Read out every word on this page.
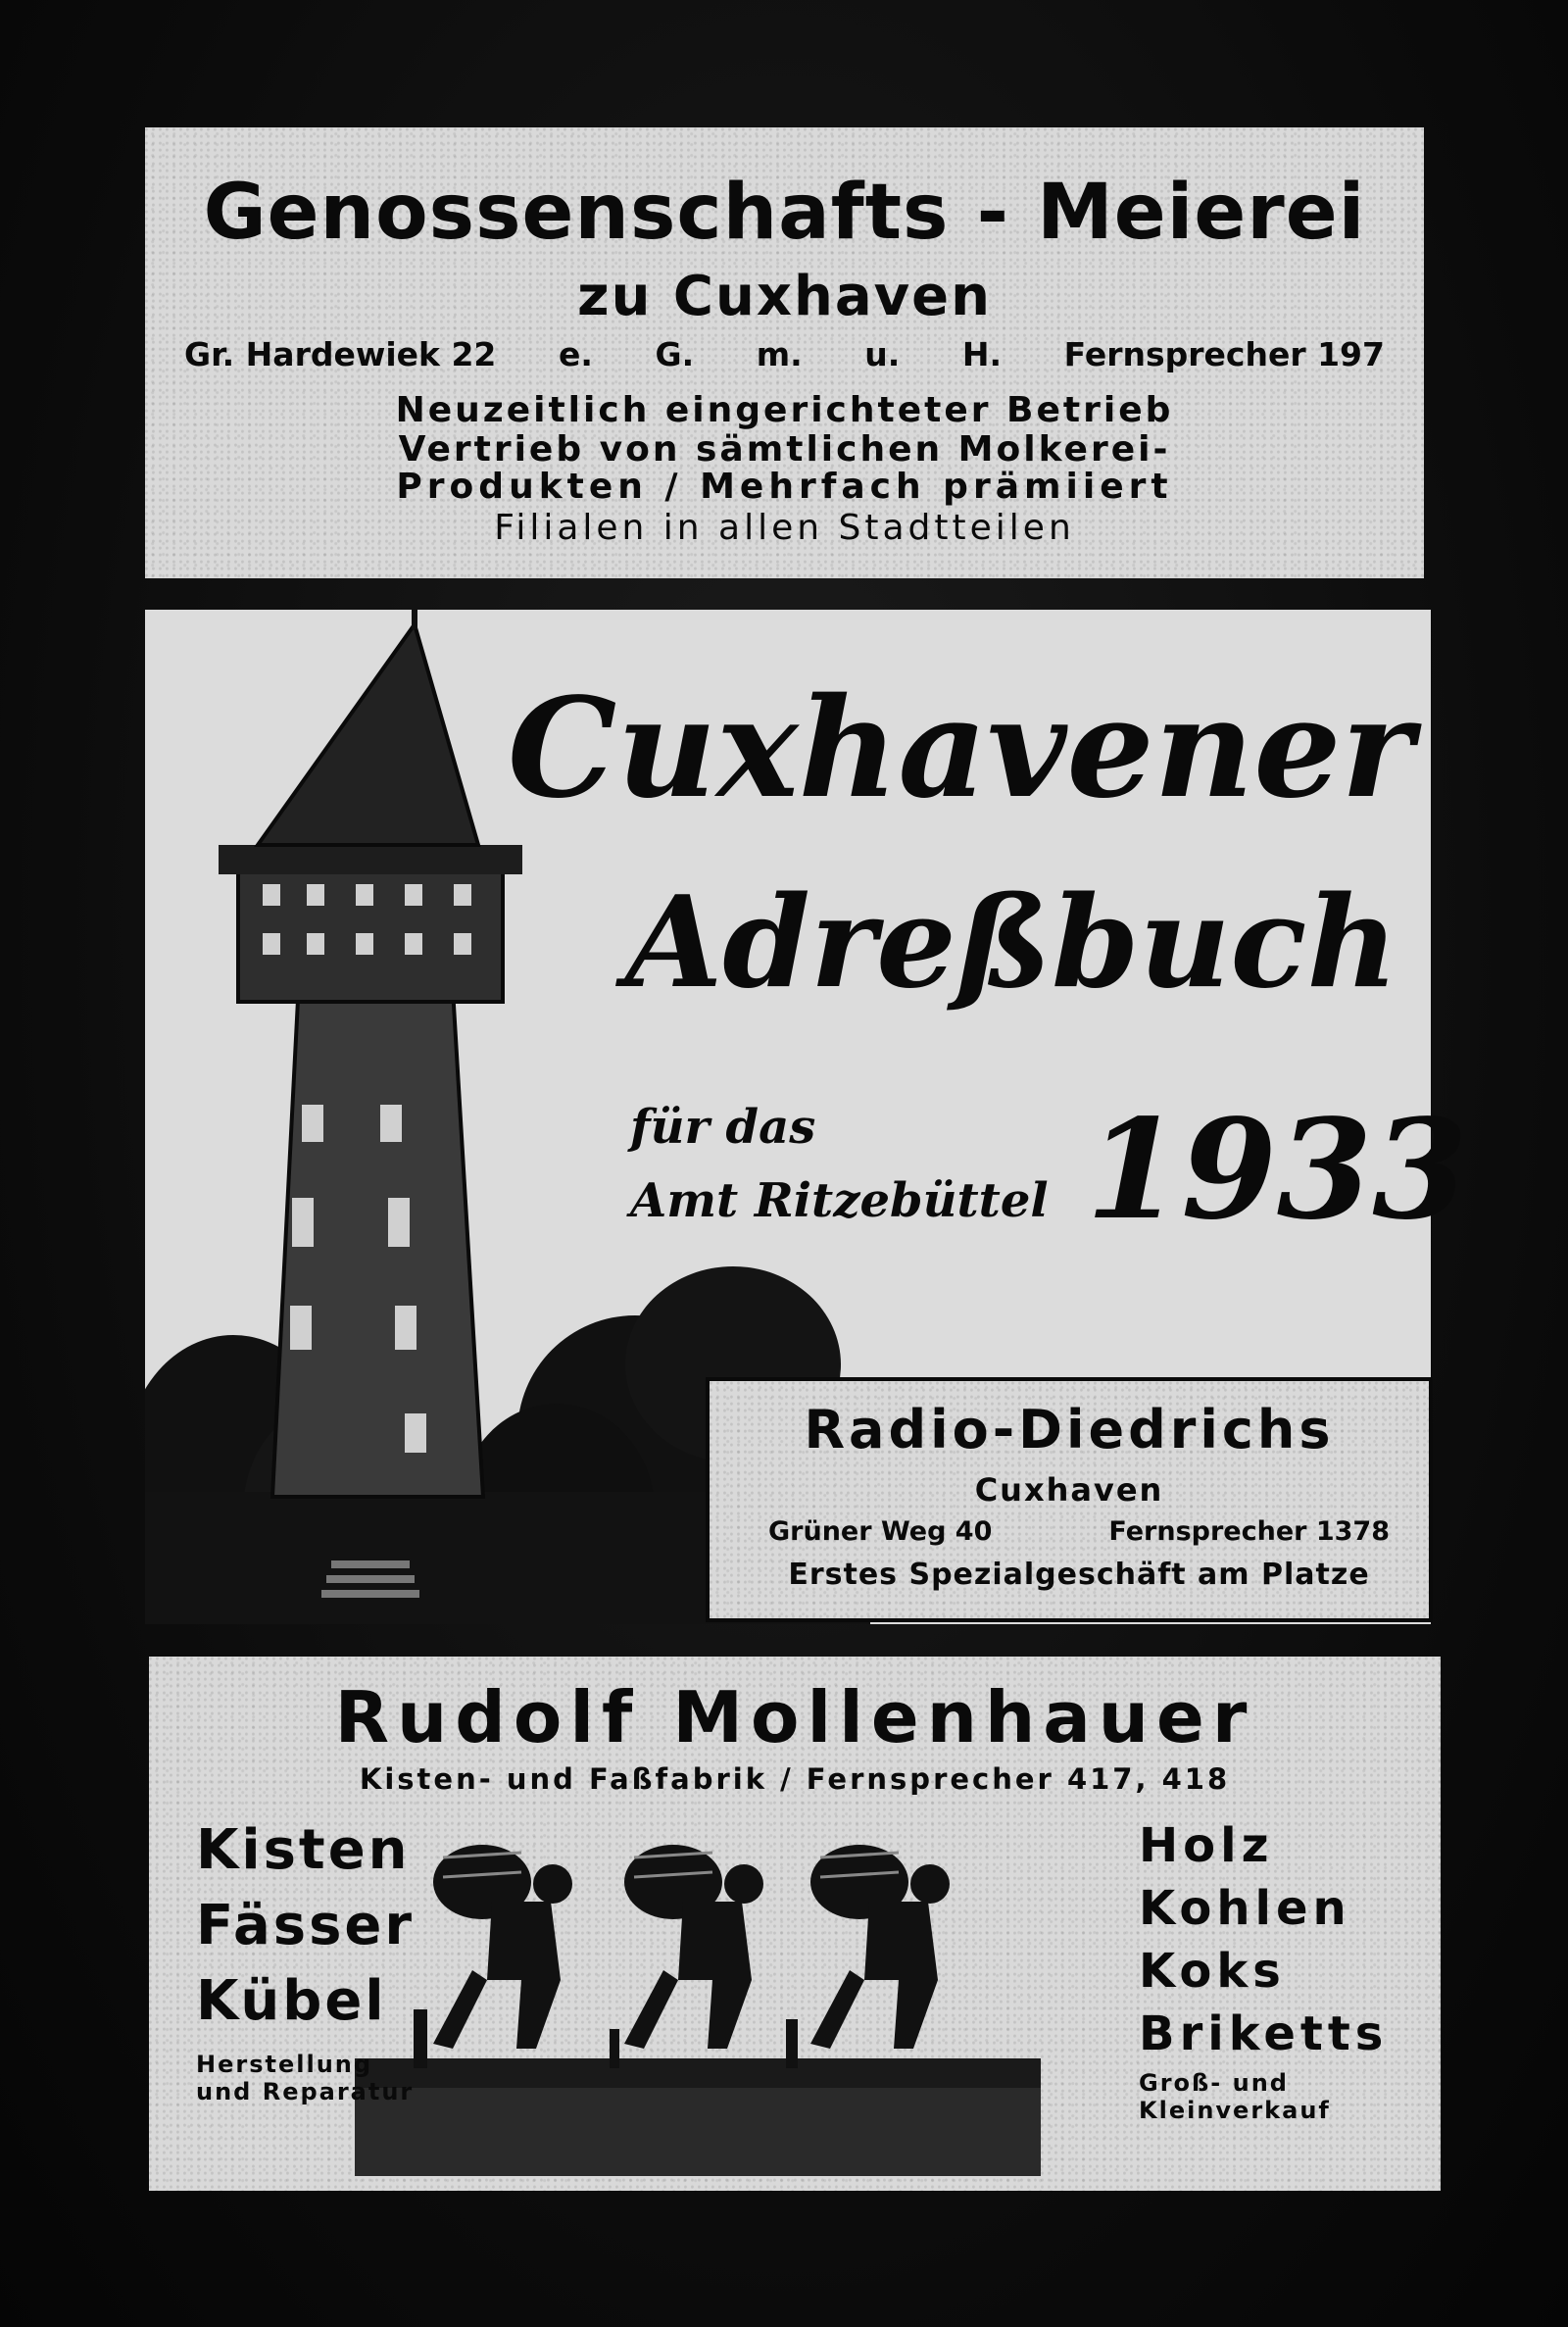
Genossenschafts - Meierei
zu Cuxhaven
Gr. Hardewiek 22 e. G. m. u. H. Fernsprecher 197
Neuzeitlich eingerichteter Betrieb
Vertrieb von sämtlichen Molkerei-
Produkten / Mehrfach prämiiert
Filialen in allen Stadtteilen
Cuxhavener
Adreßbuch
für das
Amt Ritzebüttel 1933
Radio-Diedrichs
Cuxhaven
Grüner Weg 40	Fernsprecher 1378
Erstes Spezialgeschäft am Platze
Rudolf Mollenhauer
Kisten- und Faßfabrik / Fernsprecher 417, 418
Kisten
Fässer
Kübel
Herstellung
und Reparatur
Holz
Kohlen
Koks
Briketts
Groß- und
Kleinverkauf
